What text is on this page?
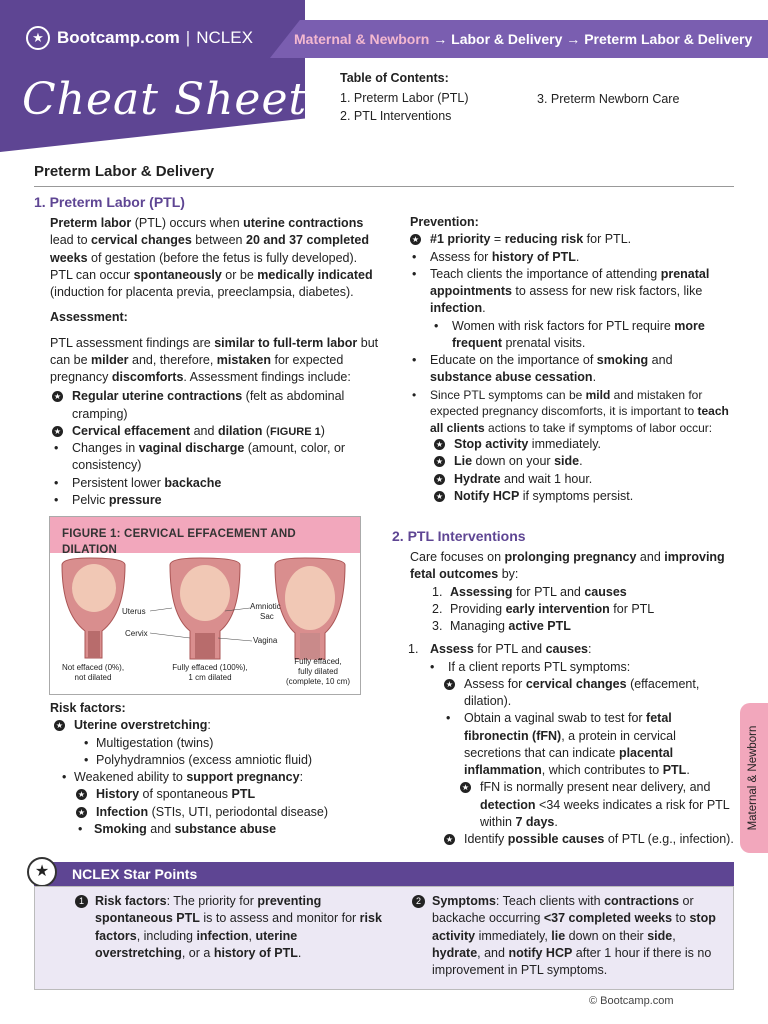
★ Bootcamp.com | NCLEX
Cheat Sheets
Maternal & Newborn → Labor & Delivery → Preterm Labor & Delivery
Table of Contents:
1. Preterm Labor (PTL)
2. PTL Interventions
3. Preterm Newborn Care
Preterm Labor & Delivery
1. Preterm Labor (PTL)

Preterm labor (PTL) occurs when uterine contractions lead to cervical changes between 20 and 37 completed weeks of gestation (before the fetus is fully developed). PTL can occur spontaneously or be medically indicated (induction for placenta previa, preeclampsia, diabetes).

Assessment:

PTL assessment findings are similar to full-term labor but can be milder and, therefore, mistaken for expected pregnancy discomforts. Assessment findings include:

★ Regular uterine contractions (felt as abdominal cramping)
★ Cervical effacement and dilation (FIGURE 1)
• Changes in vaginal discharge (amount, color, or consistency)
• Persistent lower backache
• Pelvic pressure
FIGURE 1: CERVICAL EFFACEMENT AND DILATION
Uterus
Cervix
Amniotic
Sac
Vagina
Not effaced (0%),
not dilated
Fully effaced (100%),
1 cm dilated
Fully effaced,
fully dilated
(complete, 10 cm)

Risk factors:

★ Uterine overstretching:
• Multigestation (twins)
• Polyhydramnios (excess amniotic fluid)
• Weakened ability to support pregnancy:
★ History of spontaneous PTL
★ Infection (STIs, UTI, periodontal disease)
• Smoking and substance abuse

Prevention:

★ #1 priority = reducing risk for PTL.
• Assess for history of PTL.
• Teach clients the importance of attending prenatal appointments to assess for new risk factors, like infection.
• Women with risk factors for PTL require more frequent prenatal visits.
• Educate on the importance of smoking and substance abuse cessation.
• Since PTL symptoms can be mild and mistaken for expected pregnancy discomforts, it is important to teach all clients actions to take if symptoms of labor occur:
★ Stop activity immediately.
★ Lie down on your side.
★ Hydrate and wait 1 hour.
★ Notify HCP if symptoms persist.
2. PTL Interventions

Care focuses on prolonging pregnancy and improving fetal outcomes by:

1. Assessing for PTL and causes
2. Providing early intervention for PTL
3. Managing active PTL
1. Assess for PTL and causes:
• If a client reports PTL symptoms:
★ Assess for cervical changes (effacement, dilation).
• Obtain a vaginal swab to test for fetal fibronectin (fFN), a protein in cervical secretions that can indicate placental inflammation, which contributes to PTL.
★ fFN is normally present near delivery, and detection <34 weeks indicates a risk for PTL within 7 days.
★ Identify possible causes of PTL (e.g., infection).
Maternal & Newborn
NCLEX Star Points
★
1 Risk factors: The priority for preventing spontaneous PTL is to assess and monitor for risk factors, including infection, uterine overstretching, or a history of PTL.
2 Symptoms: Teach clients with contractions or backache occurring <37 completed weeks to stop activity immediately, lie down on their side, hydrate, and notify HCP after 1 hour if there is no improvement in PTL symptoms.
© Bootcamp.com
